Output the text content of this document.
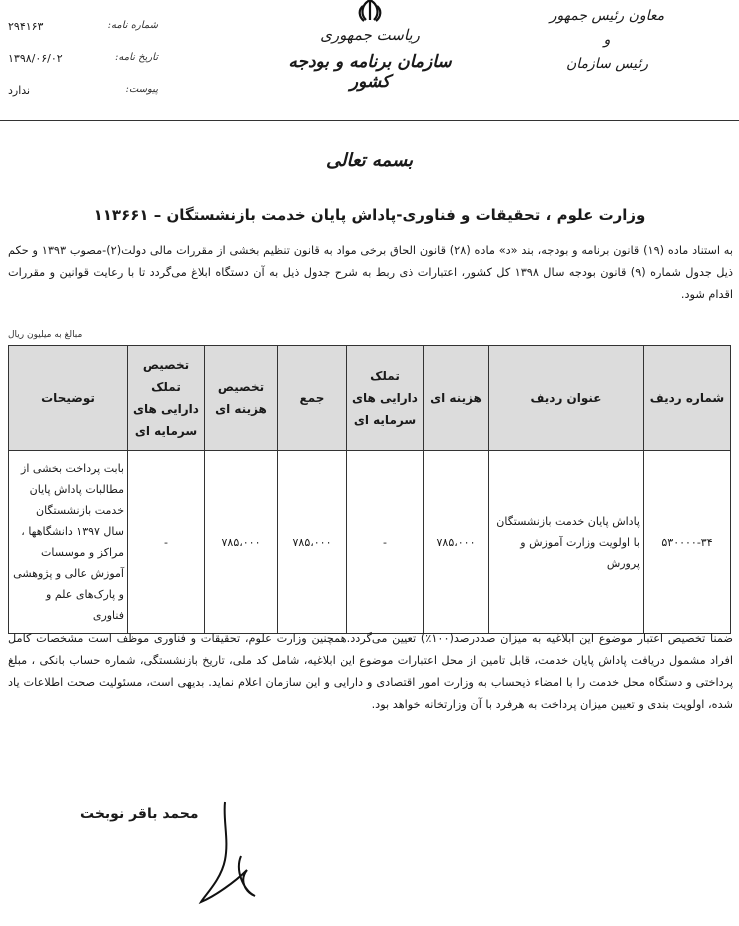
معاون رئیس جمهور
و
رئیس سازمان
ریاست جمهوری
سازمان برنامه و بودجه کشور
شماره نامه:
۲۹۴۱۶۳
تاریخ نامه:
۱۳۹۸/۰۶/۰۲
پیوست:
ندارد
بسمه تعالی
وزارت علوم ، تحقیقات و فناوری-پاداش پایان خدمت بازنشستگان – ۱۱۳۶۶۱
به استناد ماده (۱۹) قانون برنامه و بودجه، بند «د» ماده (۲۸) قانون الحاق برخی مواد به قانون تنظیم بخشی از مقررات مالی دولت(۲)-مصوب ۱۳۹۳ و حکم ذیل جدول شماره (۹) قانون بودجه سال ۱۳۹۸ کل کشور، اعتبارات ذی ربط به شرح جدول ذیل به آن دستگاه ابلاغ می‌گردد تا با رعایت قوانین و مقررات اقدام شود.
مبالغ به میلیون ریال
شماره ردیف	عنوان ردیف	هزینه ای	تملک دارایی های سرمایه ای	جمع	تخصیص هزینه ای	تخصیص تملک دارایی های سرمایه ای	توضیحات
۵۳۰۰۰۰-۳۴	پاداش پایان خدمت بازنشستگان با اولویت وزارت آموزش و پرورش	۷۸۵،۰۰۰	-	۷۸۵،۰۰۰	۷۸۵،۰۰۰	-	بابت پرداخت بخشی از مطالبات پاداش پایان خدمت بازنشستگان سال ۱۳۹۷ دانشگاهها ، مراکز و موسسات آموزش عالی و پژوهشی و پارک‌های علم و فناوری
ضمنا تخصیص اعتبار موضوع این ابلاغیه به میزان صددرصد(۱۰۰٪) تعیین می‌گردد.همچنین وزارت علوم، تحقیقات و فناوری موظف است مشخصات کامل افراد مشمول دریافت پاداش پایان خدمت، قابل تامین از محل اعتبارات موضوع این ابلاغیه، شامل کد ملی، تاریخ بازنشستگی، شماره حساب بانکی ، مبلغ پرداختی و دستگاه محل خدمت را با امضاء ذیحساب به وزارت امور اقتصادی و دارایی و این سازمان اعلام نماید. بدیهی است، مسئولیت صحت اطلاعات یاد شده، اولویت بندی و تعیین میزان پرداخت به هرفرد با آن وزارتخانه خواهد بود.
محمد باقر نوبخت
